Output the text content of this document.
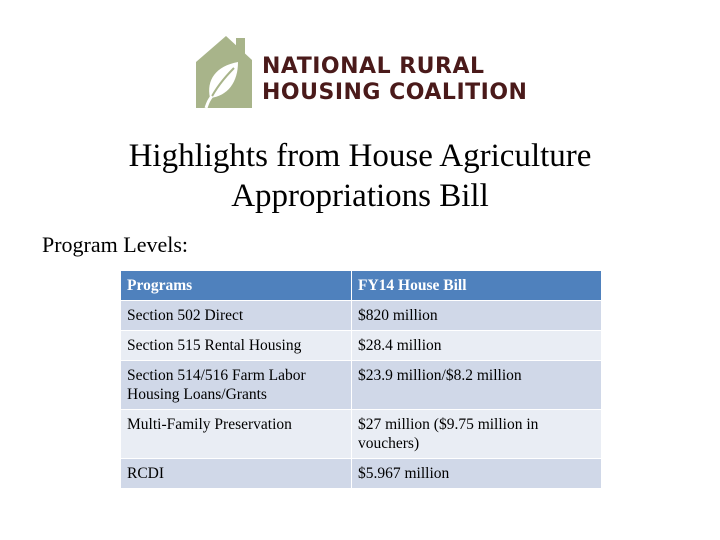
NATIONAL RURAL
HOUSING COALITION
Highlights from House Agriculture
Appropriations Bill
Program Levels:
Programs	FY14 House Bill
Section 502 Direct	$820 million
Section 515 Rental Housing	$28.4 million
Section 514/516 Farm Labor Housing Loans/Grants	$23.9 million/$8.2 million
Multi-Family Preservation	$27 million ($9.75 million in vouchers)
RCDI	$5.967 million
